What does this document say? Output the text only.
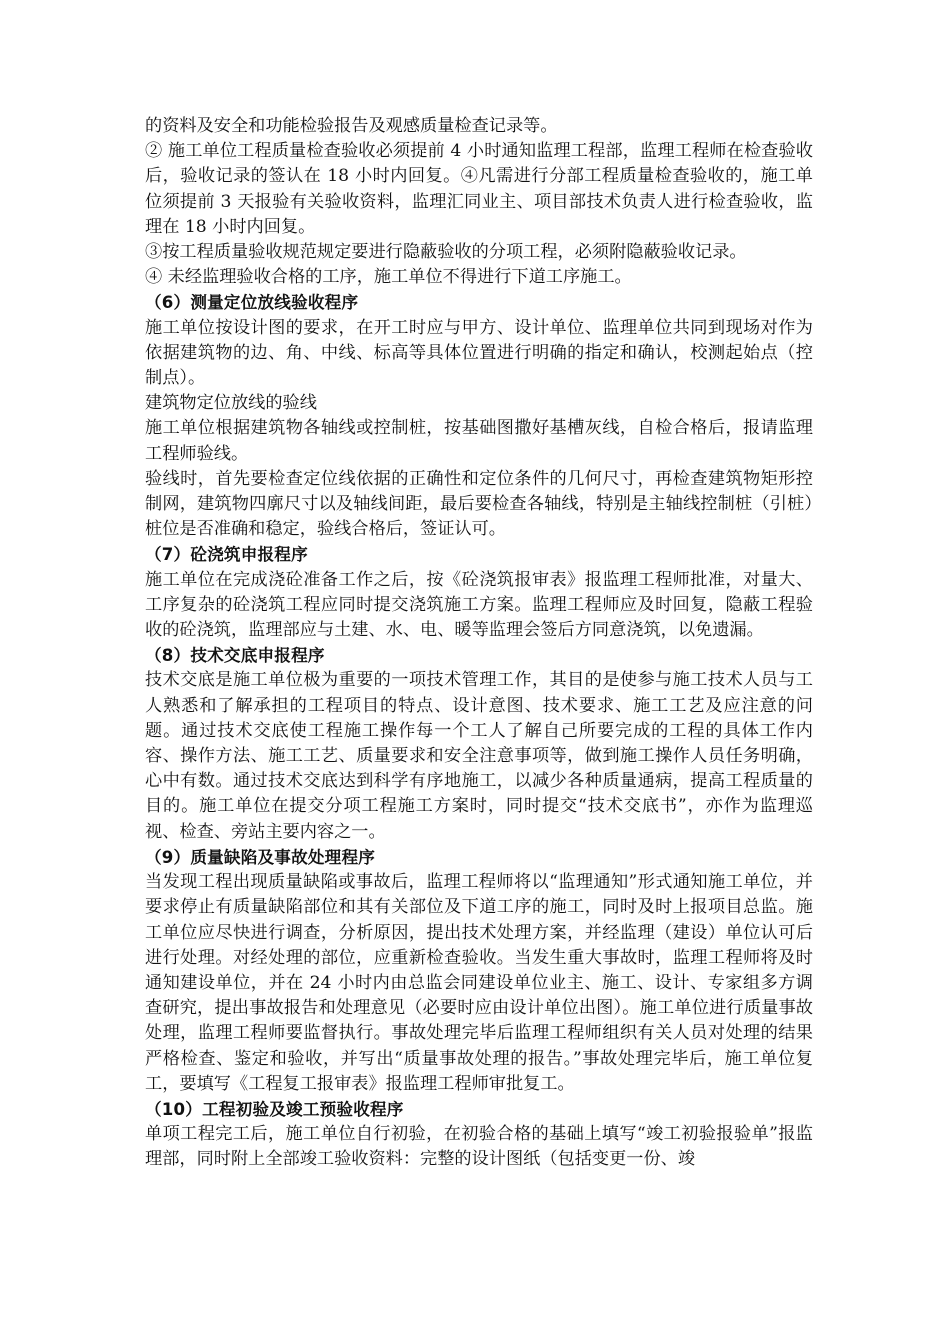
的资料及安全和功能检验报告及观感质量检查记录等。

② 施工单位工程质量检查验收必须提前 4 小时通知监理工程部，监理工程师在检查验收后，验收记录的签认在 18 小时内回复。④凡需进行分部工程质量检查验收的，施工单位须提前 3 天报验有关验收资料，监理汇同业主、项目部技术负责人进行检查验收，监理在 18 小时内回复。

③按工程质量验收规范规定要进行隐蔽验收的分项工程，必须附隐蔽验收记录。

④ 未经监理验收合格的工序，施工单位不得进行下道工序施工。

（6）测量定位放线验收程序

施工单位按设计图的要求，在开工时应与甲方、设计单位、监理单位共同到现场对作为依据建筑物的边、角、中线、标高等具体位置进行明确的指定和确认，校测起始点（控制点）。

建筑物定位放线的验线

施工单位根据建筑物各轴线或控制桩，按基础图撒好基槽灰线，自检合格后，报请监理工程师验线。

验线时，首先要检查定位线依据的正确性和定位条件的几何尺寸，再检查建筑物矩形控制网，建筑物四廓尺寸以及轴线间距，最后要检查各轴线，特别是主轴线控制桩（引桩）桩位是否准确和稳定，验线合格后，签证认可。

（7）砼浇筑申报程序

施工单位在完成浇砼准备工作之后，按《砼浇筑报审表》报监理工程师批准，对量大、工序复杂的砼浇筑工程应同时提交浇筑施工方案。监理工程师应及时回复，隐蔽工程验收的砼浇筑，监理部应与土建、水、电、暖等监理会签后方同意浇筑，以免遗漏。

（8）技术交底申报程序

技术交底是施工单位极为重要的一项技术管理工作，其目的是使参与施工技术人员与工人熟悉和了解承担的工程项目的特点、设计意图、技术要求、施工工艺及应注意的问题。通过技术交底使工程施工操作每一个工人了解自己所要完成的工程的具体工作内容、操作方法、施工工艺、质量要求和安全注意事项等，做到施工操作人员任务明确，心中有数。通过技术交底达到科学有序地施工，以减少各种质量通病，提高工程质量的目的。施工单位在提交分项工程施工方案时，同时提交“技术交底书”，亦作为监理巡视、检查、旁站主要内容之一。

（9）质量缺陷及事故处理程序

当发现工程出现质量缺陷或事故后，监理工程师将以“监理通知”形式通知施工单位，并要求停止有质量缺陷部位和其有关部位及下道工序的施工，同时及时上报项目总监。施工单位应尽快进行调查，分析原因，提出技术处理方案，并经监理（建设）单位认可后进行处理。对经处理的部位，应重新检查验收。当发生重大事故时，监理工程师将及时通知建设单位，并在 24 小时内由总监会同建设单位业主、施工、设计、专家组多方调查研究，提出事故报告和处理意见（必要时应由设计单位出图）。施工单位进行质量事故处理，监理工程师要监督执行。事故处理完毕后监理工程师组织有关人员对处理的结果严格检查、鉴定和验收，并写出“质量事故处理的报告。”事故处理完毕后，施工单位复工，要填写《工程复工报审表》报监理工程师审批复工。

（10）工程初验及竣工预验收程序

单项工程完工后，施工单位自行初验，在初验合格的基础上填写“竣工初验报验单”报监理部，同时附上全部竣工验收资料：完整的设计图纸（包括变更一份、竣
